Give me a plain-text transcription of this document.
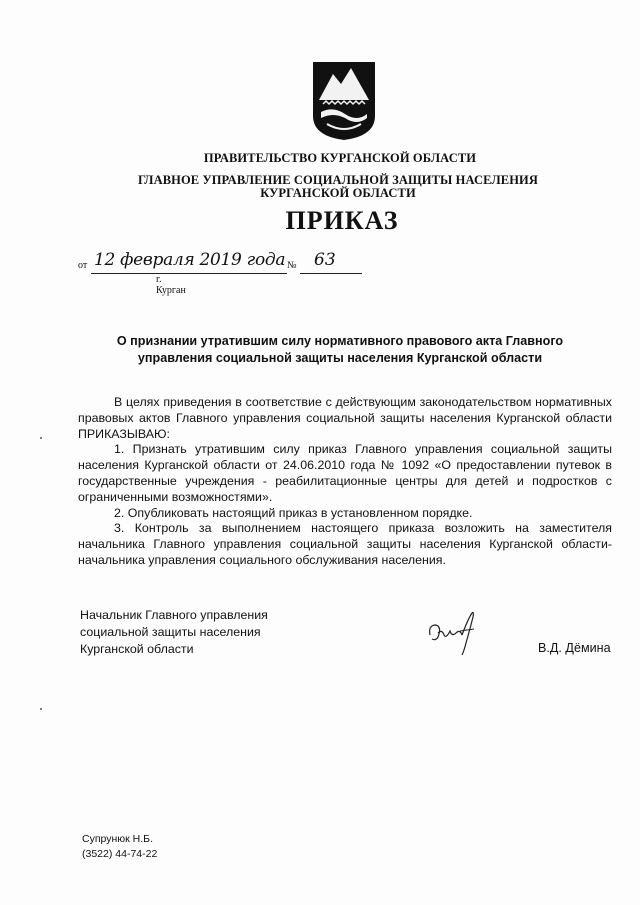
ПРАВИТЕЛЬСТВО КУРГАНСКОЙ ОБЛАСТИ
ГЛАВНОЕ УПРАВЛЕНИЕ СОЦИАЛЬНОЙ ЗАЩИТЫ НАСЕЛЕНИЯ
КУРГАНСКОЙ ОБЛАСТИ
ПРИКАЗ
от 12 февраля 2019 года № 63
г. Курган
О признании утратившим силу нормативного правового акта Главного
управления социальной защиты населения Курганской области

В целях приведения в соответствие с действующим законодательством нормативных правовых актов Главного управления социальной защиты населения Курганской области ПРИКАЗЫВАЮ:

1. Признать утратившим силу приказ Главного управления социальной защиты населения Курганской области от 24.06.2010 года № 1092 «О предоставлении путевок в государственные учреждения - реабилитационные центры для детей и подростков с ограниченными возможностями».

2. Опубликовать настоящий приказ в установленном порядке.

3. Контроль за выполнением настоящего приказа возложить на заместителя начальника Главного управления социальной защиты населения Курганской области-начальника управления социального обслуживания населения.

Начальник Главного управления
социальной защиты населения
Курганской области	В.Д. Дёмина
Супрунюк Н.Б.
(3522) 44-74-22
